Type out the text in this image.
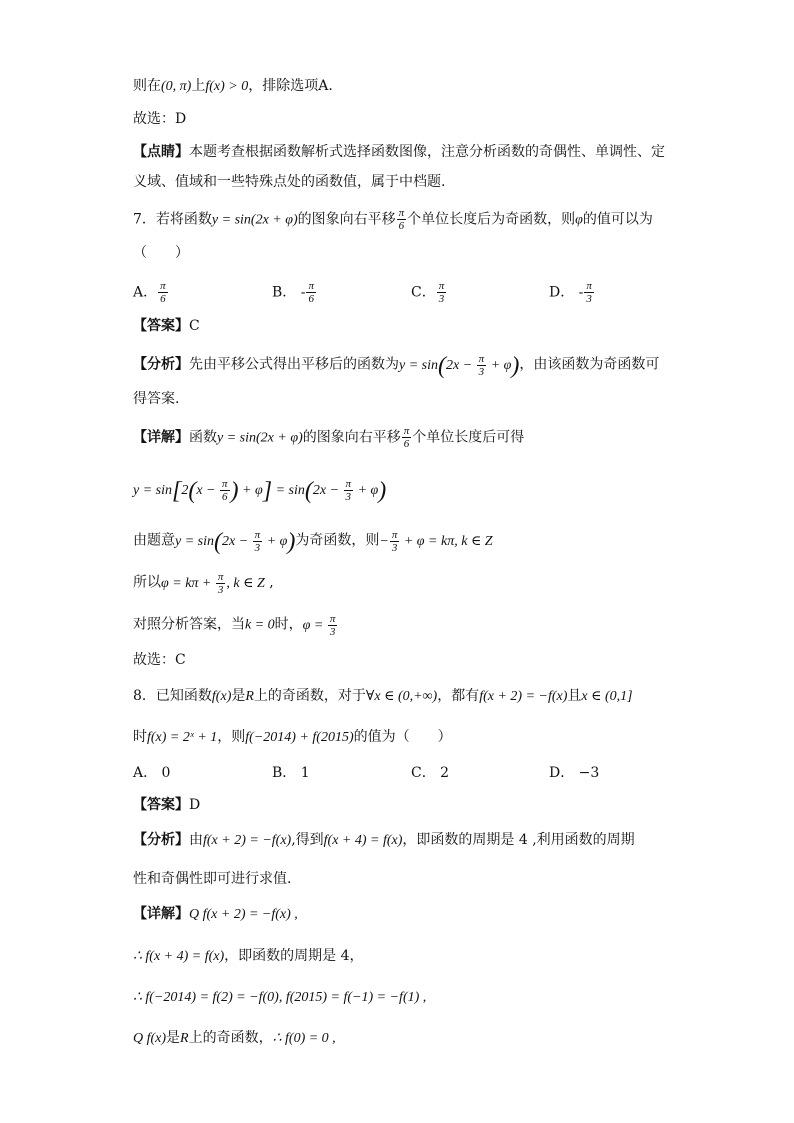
则在(0, π)上f(x) > 0，排除选项A.
故选：D
【点睛】本题考查根据函数解析式选择函数图像，注意分析函数的奇偶性、单调性、定
义域、值域和一些特殊点处的函数值，属于中档题.
7．若将函数y = sin(2x + φ)的图象向右平移 $\frac{\pi}{6}$ 个单位长度后为奇函数，则φ的值可以为
（　　）
A． $\frac{\pi}{6}$	B． - $\frac{\pi}{6}$	C． $\frac{\pi}{3}$	D． - $\frac{\pi}{3}$
【答案】C
【分析】先由平移公式得出平移后的函数为$y = \sin(2x - \frac{\pi}{3} + \varphi)$，由该函数为奇函数可
得答案.
【详解】函数y = sin(2x + φ)的图象向右平移 $\frac{\pi}{6}$ 个单位长度后可得
$y = \sin[2(x - \frac{\pi}{6}$ ) + $\varphi] = \sin(2x - \frac{\pi}{3} + \varphi)$
由题意$y = \sin(2x - \frac{\pi}{3} + \varphi)$为奇函数，则− $\frac{\pi}{3} + \varphi = k\pi$, k ∈ Z
所以$\varphi = k\pi + \frac{\pi}{3}$ , k ∈ Z ,
对照分析答案，当k = 0时，$\varphi = \frac{\pi}{3}$
故选：C
8．已知函数f(x)是R上的奇函数，对于∀x ∈ (0,+∞)，都有f(x + 2) = −f(x)且x ∈ (0,1]
时f(x) = 2ˣ + 1，则f(−2014) + f(2015)的值为（　　）
A． 0	B． 1	C． 2	D． −3
【答案】D
【分析】由f(x + 2) = −f(x),得到f(x + 4) = f(x)，即函数的周期是 4 ,利用函数的周期
性和奇偶性即可进行求值.
【详解】Q f(x + 2) = −f(x) ,
∴ f(x + 4) = f(x)，即函数的周期是 4，
∴ f(−2014) = f(2) = −f(0), f(2015) = f(−1) = −f(1) ,
Q f(x)是R上的奇函数，∴ f(0) = 0 ,
